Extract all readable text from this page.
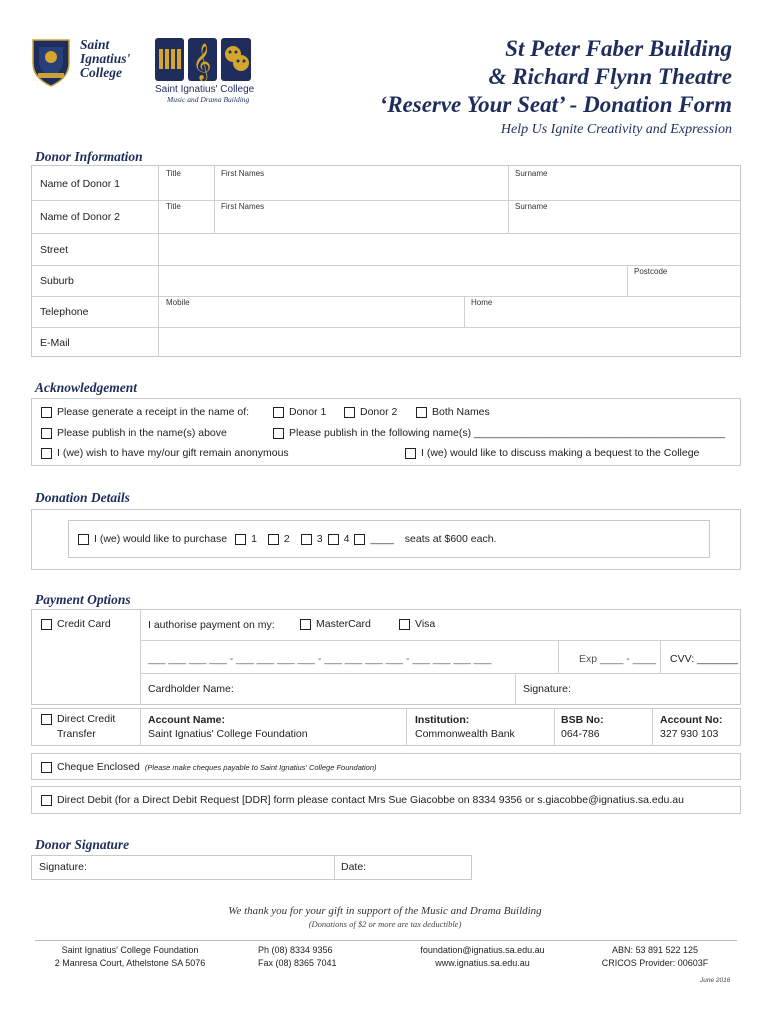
Saint
Ignatius'
College 𝄞
Saint Ignatius' College
Music and Drama Building
St Peter Faber Building
& Richard Flynn Theatre
‘Reserve Your Seat’ - Donation Form
Help Us Ignite Creativity and Expression
Donor Information
Name of Donor 1
Title	First Names	Surname
Name of Donor 2
Title	First Names	Surname
Street
Suburb
Postcode
Telephone
Mobile	Home
E-Mail
Acknowledgement
Please generate a receipt in the name of:	Donor 1	Donor 2	Both Names
Please publish in the name(s) above	Please publish in the following name(s) ___________________________________________
I (we) wish to have my/our gift remain anonymous	I (we) would like to discuss making a bequest to the College
Donation Details
I (we) would like to purchase 1	2	3 4 ____ seats at $600 each.
Payment Options
Credit Card	I authorise payment on my:	MasterCard	Visa
___ ___ ___ ___ - ___ ___ ___ ___ - ___ ___ ___ ___ - ___ ___ ___ ___	Exp ____ - ____ CVV: _______
Cardholder Name:	Signature:
Direct Credit
Transfer
Account Name:
Saint Ignatius' College Foundation
Institution:
Commonwealth Bank
BSB No:
064-786
Account No:
327 930 103
Cheque Enclosed (Please make cheques payable to Saint Ignatius' College Foundation)
Direct Debit (for a Direct Debit Request [DDR] form please contact Mrs Sue Giacobbe on 8334 9356 or s.giacobbe@ignatius.sa.edu.au
Donor Signature
Signature:	Date:
We thank you for your gift in support of the Music and Drama Building
(Donations of $2 or more are tax deductible)
Saint Ignatius' College Foundation
2 Manresa Court, Athelstone SA 5076
Ph (08) 8334 9356
Fax (08) 8365 7041
foundation@ignatius.sa.edu.au
www.ignatius.sa.edu.au
ABN: 53 891 522 125
CRICOS Provider: 00603F
June 2016
